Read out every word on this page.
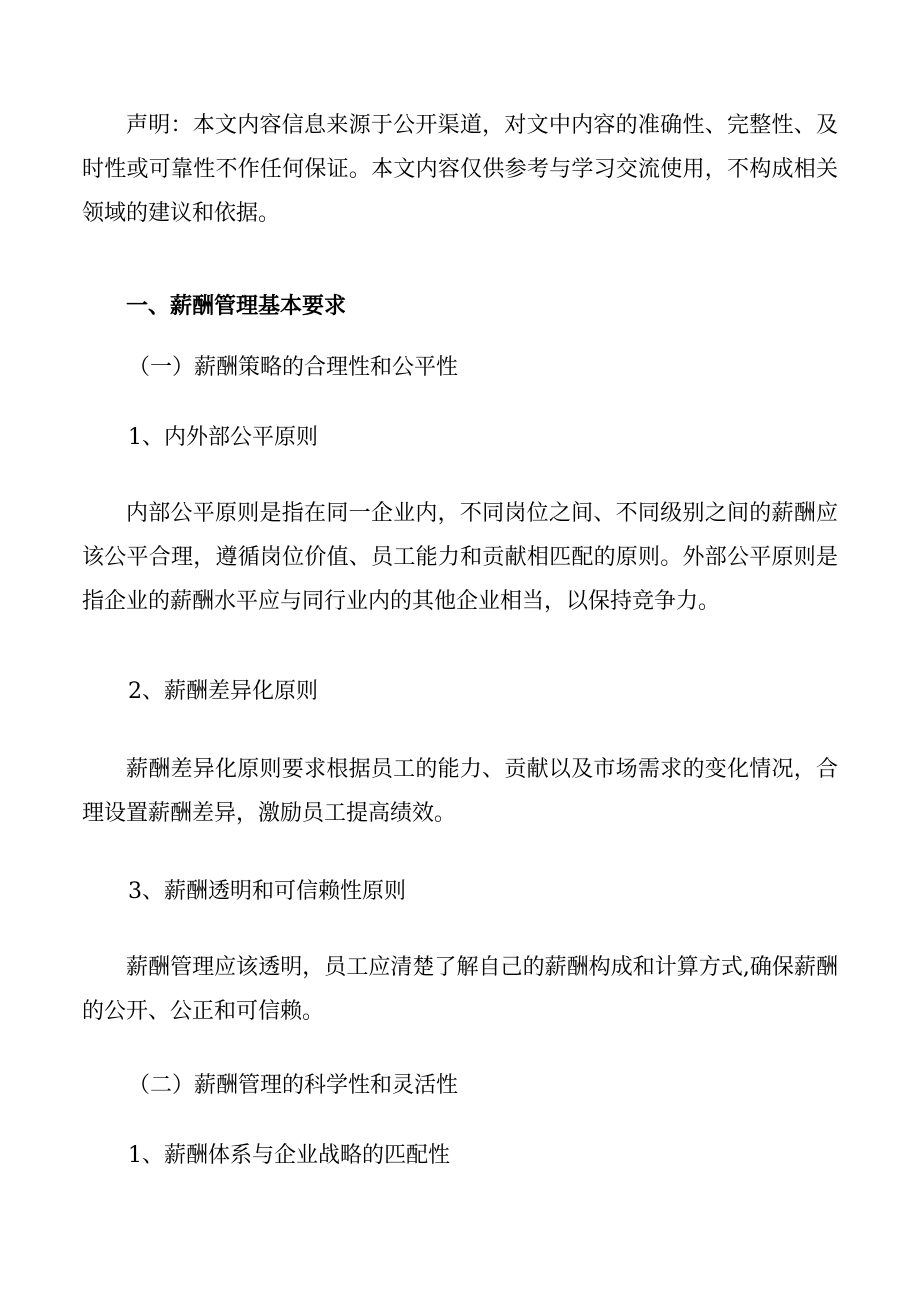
声明：本文内容信息来源于公开渠道，对文中内容的准确性、完整性、及时性或可靠性不作任何保证。本文内容仅供参考与学习交流使用，不构成相关领域的建议和依据。

一、薪酬管理基本要求

（一）薪酬策略的合理性和公平性

1、内外部公平原则

内部公平原则是指在同一企业内，不同岗位之间、不同级别之间的薪酬应该公平合理，遵循岗位价值、员工能力和贡献相匹配的原则。外部公平原则是指企业的薪酬水平应与同行业内的其他企业相当，以保持竞争力。

2、薪酬差异化原则

薪酬差异化原则要求根据员工的能力、贡献以及市场需求的变化情况，合理设置薪酬差异，激励员工提高绩效。

3、薪酬透明和可信赖性原则

薪酬管理应该透明，员工应清楚了解自己的薪酬构成和计算方式,确保薪酬的公开、公正和可信赖。

（二）薪酬管理的科学性和灵活性

1、薪酬体系与企业战略的匹配性
